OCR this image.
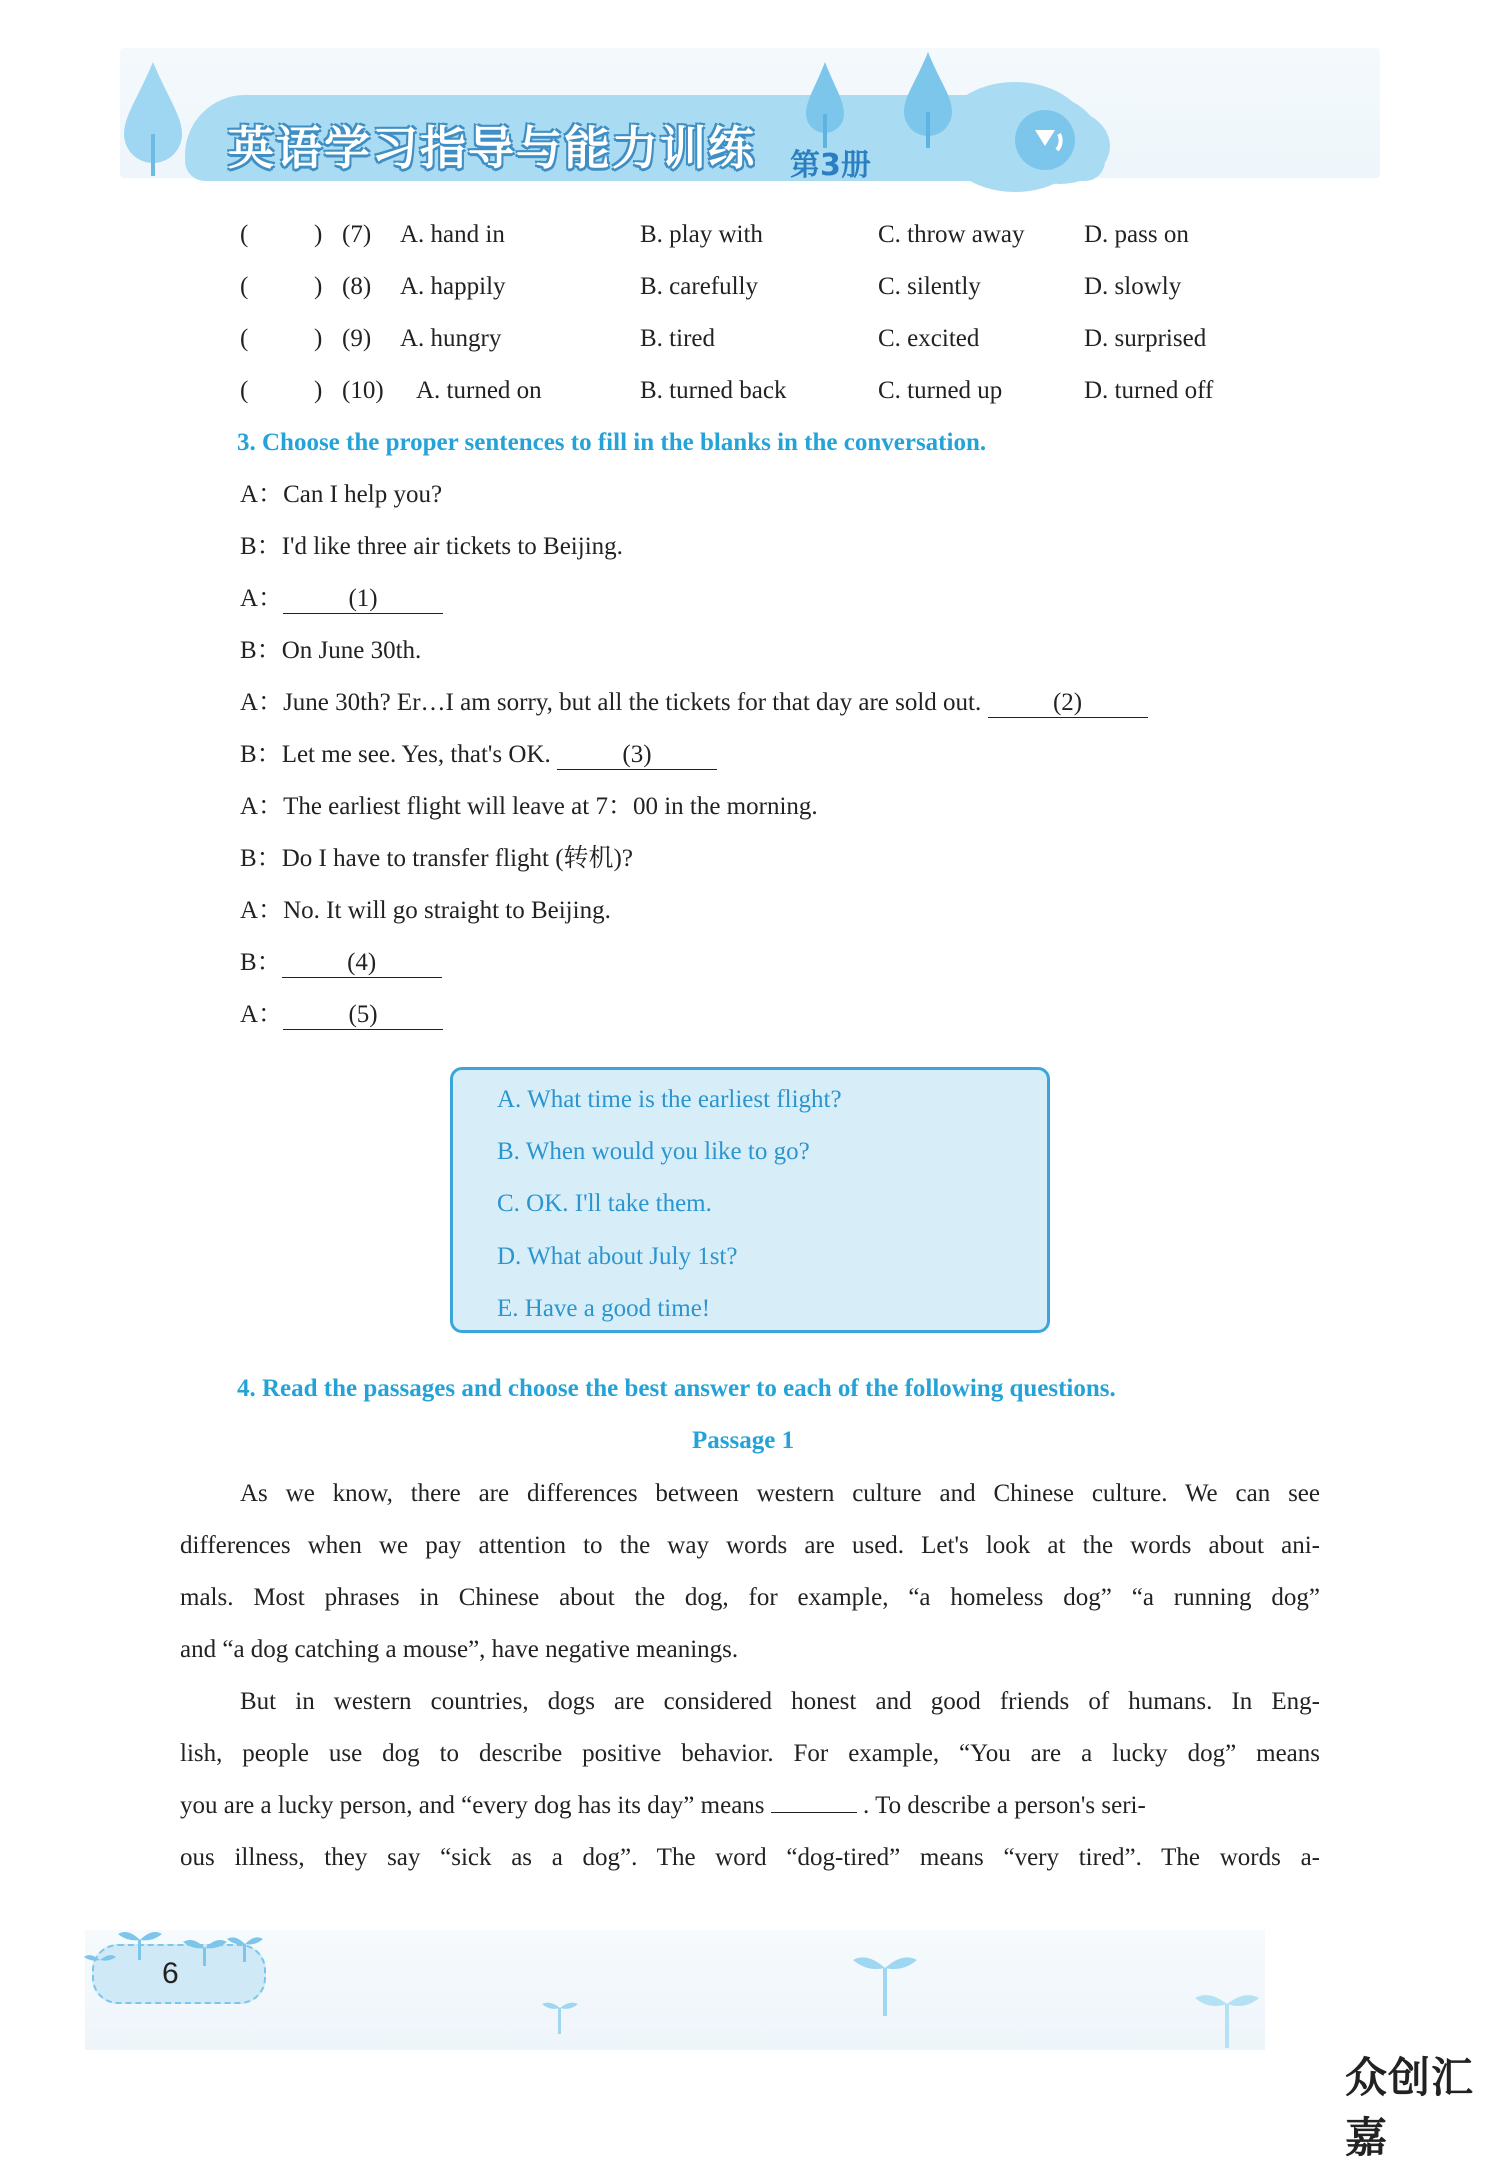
英语学习指导与能力训练 第3册
(	) (7) A. hand in	B. play with	C. throw away D. pass on
(	) (8) A. happily	B. carefully	C. silently	D. slowly
(	) (9) A. hungry	B. tired	C. excited	D. surprised
(	) (10) A. turned on	B. turned back	C. turned up	D. turned off
3. Choose the proper sentences to fill in the blanks in the conversation.
A：Can I help you?
B：I'd like three air tickets to Beijing.
A：	(1)
B：On June 30th.
A：June 30th? Er…I am sorry, but all the tickets for that day are sold out.	(2)
B：Let me see. Yes, that's OK.	(3)
A：The earliest flight will leave at 7：00 in the morning.
B：Do I have to transfer flight (转机)?
A：No. It will go straight to Beijing.
B：	(4)
A：	(5)
A. What time is the earliest flight?
B. When would you like to go?
C. OK. I'll take them.
D. What about July 1st?
E. Have a good time!
4. Read the passages and choose the best answer to each of the following questions.
Passage 1
As we know, there are differences between western culture and Chinese culture. We can see
differences when we pay attention to the way words are used. Let's look at the words about ani-
mals. Most phrases in Chinese about the dog, for example, “a homeless dog” “a running dog”
and “a dog catching a mouse”, have negative meanings.
But in western countries, dogs are considered honest and good friends of humans. In Eng-
lish, people use dog to describe positive behavior. For example, “You are a lucky dog” means
you are a lucky person, and “every dog has its day” means	. To describe a person's seri-
ous illness, they say “sick as a dog”. The word “dog-tired” means “very tired”. The words a-
6
众创汇嘉
